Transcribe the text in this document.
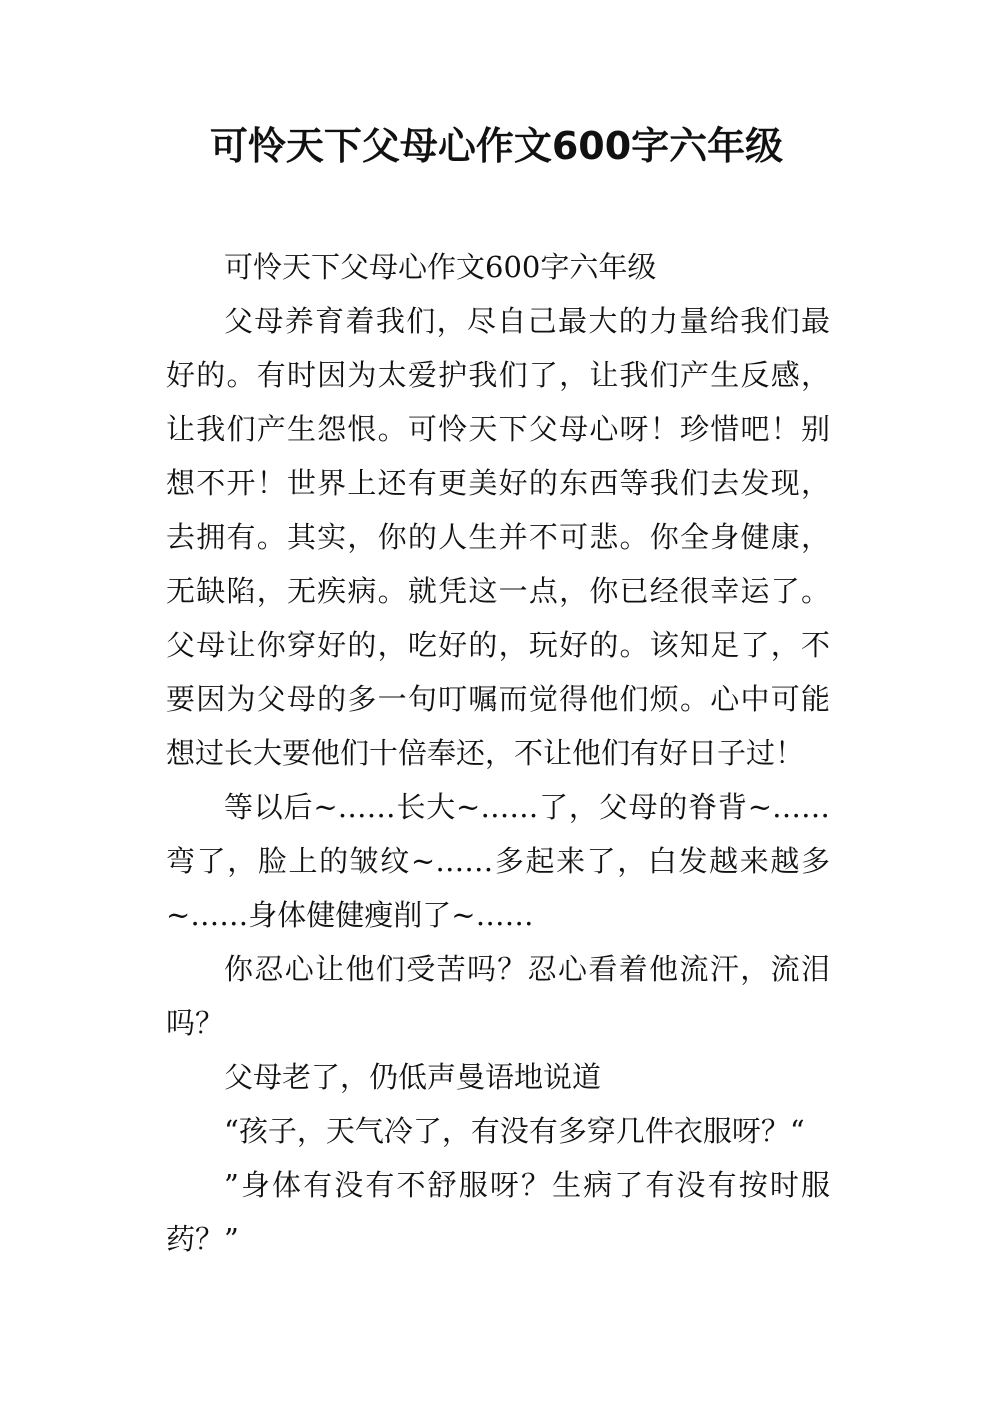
可怜天下父母心作文600字六年级

可怜天下父母心作文600字六年级

父母养育着我们，尽自己最大的力量给我们最好的。有时因为太爱护我们了，让我们产生反感，让我们产生怨恨。可怜天下父母心呀！珍惜吧！别想不开！世界上还有更美好的东西等我们去发现，去拥有。其实，你的人生并不可悲。你全身健康，无缺陷，无疾病。就凭这一点，你已经很幸运了。父母让你穿好的，吃好的，玩好的。该知足了，不要因为父母的多一句叮嘱而觉得他们烦。心中可能想过长大要他们十倍奉还，不让他们有好日子过！

等以后~……长大~……了，父母的脊背~……弯了，脸上的皱纹~……多起来了，白发越来越多~……身体健健瘦削了~……

你忍心让他们受苦吗？忍心看着他流汗，流泪吗？

父母老了，仍低声曼语地说道

“孩子，天气冷了，有没有多穿几件衣服呀？“

”身体有没有不舒服呀？生病了有没有按时服药？”
